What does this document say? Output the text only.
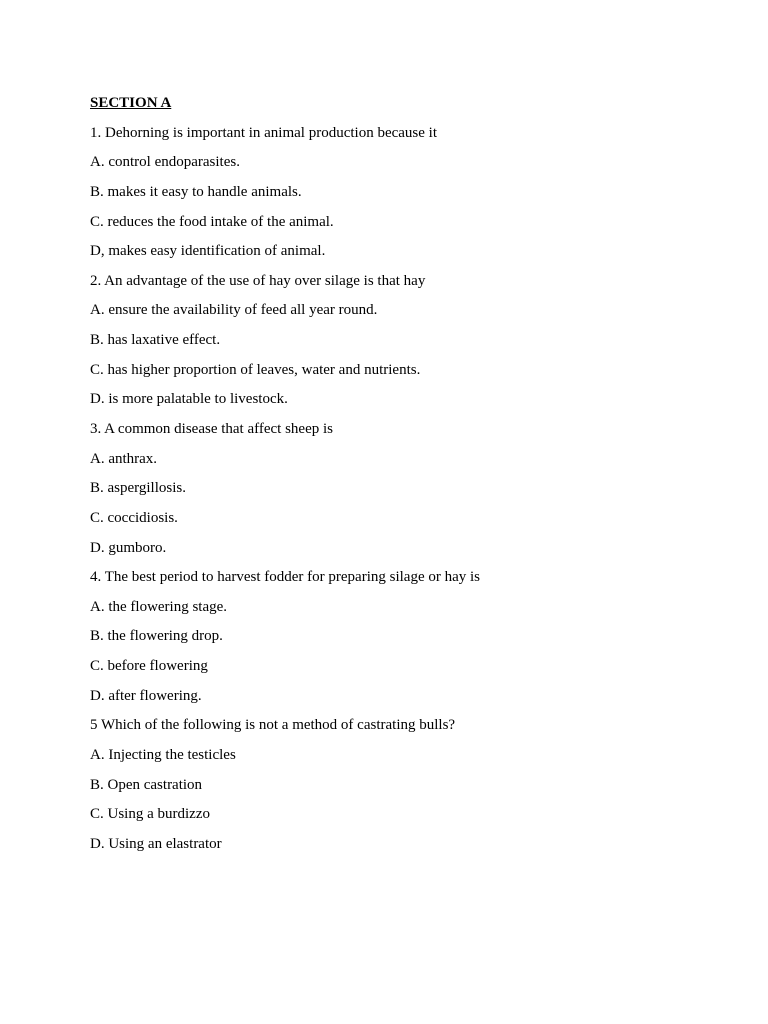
SECTION A
1. Dehorning is important in animal production because it
A. control endoparasites.
B. makes it easy to handle animals.
C. reduces the food intake of the animal.
D, makes easy identification of animal.
2. An advantage of the use of hay over silage is that hay
A. ensure the availability of feed all year round.
B. has laxative effect.
C. has higher proportion of leaves, water and nutrients.
D. is more palatable to livestock.
3. A common disease that affect sheep is
A. anthrax.
B. aspergillosis.
C. coccidiosis.
D. gumboro.
4. The best period to harvest fodder for preparing silage or hay is
A. the flowering stage.
B. the flowering drop.
C. before flowering
D. after flowering.
5 Which of the following is not a method of castrating bulls?
A. Injecting the testicles
B. Open castration
C. Using a burdizzo
D. Using an elastrator
